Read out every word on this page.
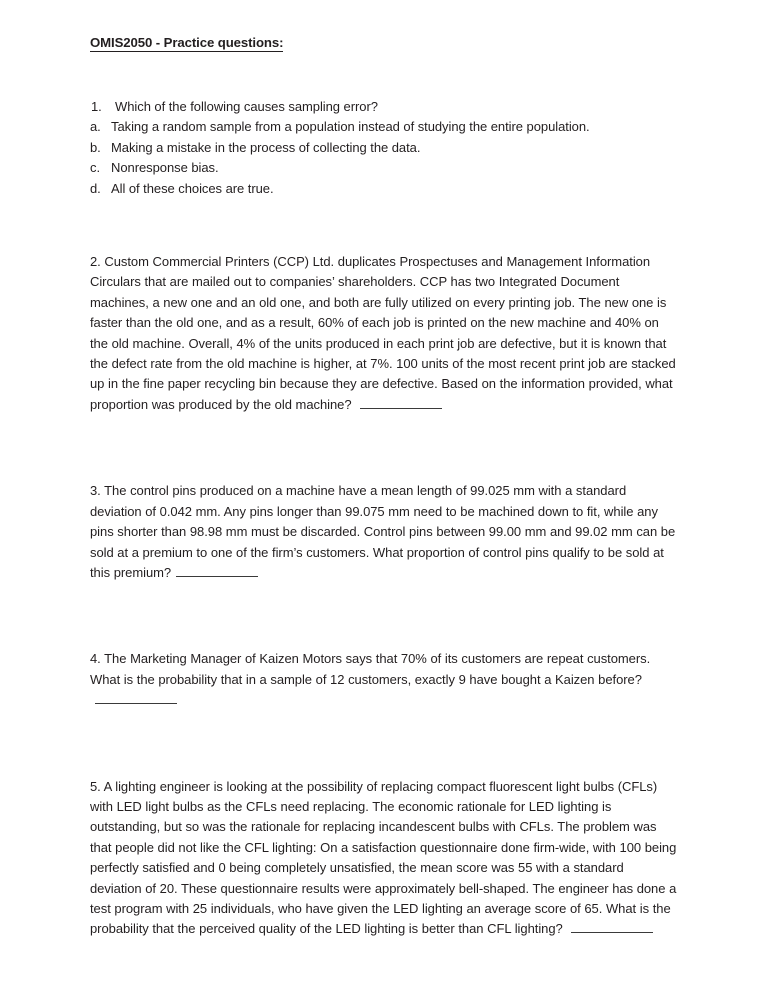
OMIS2050 - Practice questions:
1.	Which of the following causes sampling error?
a. Taking a random sample from a population instead of studying the entire population.
b. Making a mistake in the process of collecting the data.
c. Nonresponse bias.
d. All of these choices are true.

2. Custom Commercial Printers (CCP) Ltd. duplicates Prospectuses and Management Information Circulars that are mailed out to companies’ shareholders. CCP has two Integrated Document machines, a new one and an old one, and both are fully utilized on every printing job. The new one is faster than the old one, and as a result, 60% of each job is printed on the new machine and 40% on the old machine. Overall, 4% of the units produced in each print job are defective, but it is known that the defect rate from the old machine is higher, at 7%. 100 units of the most recent print job are stacked up in the fine paper recycling bin because they are defective. Based on the information provided, what proportion was produced by the old machine?

3. The control pins produced on a machine have a mean length of 99.025 mm with a standard deviation of 0.042 mm. Any pins longer than 99.075 mm need to be machined down to fit, while any pins shorter than 98.98 mm must be discarded. Control pins between 99.00 mm and 99.02 mm can be sold at a premium to one of the firm’s customers. What proportion of control pins qualify to be sold at this premium?

4. The Marketing Manager of Kaizen Motors says that 70% of its customers are repeat customers. What is the probability that in a sample of 12 customers, exactly 9 have bought a Kaizen before?

5. A lighting engineer is looking at the possibility of replacing compact fluorescent light bulbs (CFLs) with LED light bulbs as the CFLs need replacing. The economic rationale for LED lighting is outstanding, but so was the rationale for replacing incandescent bulbs with CFLs. The problem was that people did not like the CFL lighting: On a satisfaction questionnaire done firm-wide, with 100 being perfectly satisfied and 0 being completely unsatisfied, the mean score was 55 with a standard deviation of 20. These questionnaire results were approximately bell-shaped. The engineer has done a test program with 25 individuals, who have given the LED lighting an average score of 65. What is the probability that the perceived quality of the LED lighting is better than CFL lighting?
